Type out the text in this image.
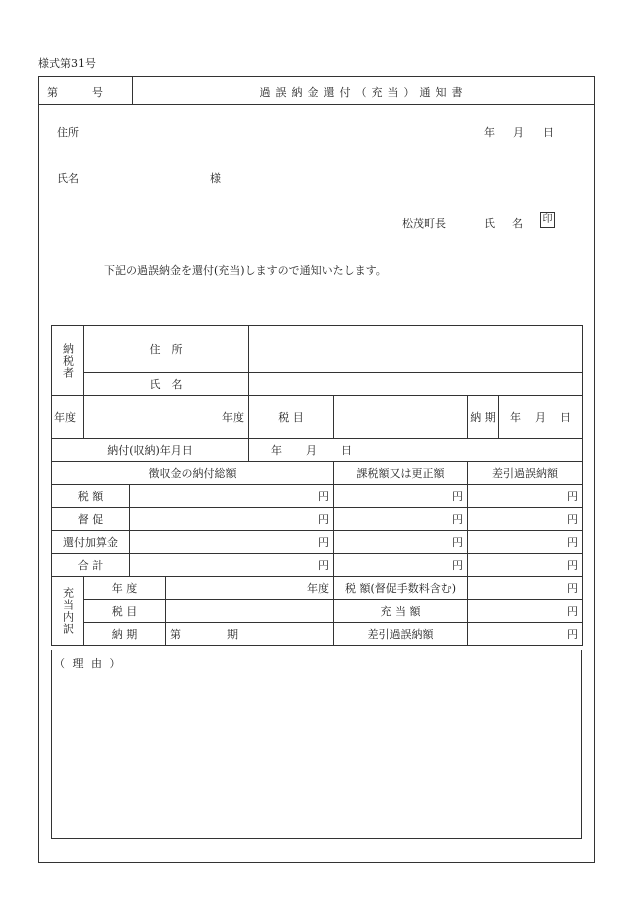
様式第31号
第	号	過誤納金還付（充当）通知書
年 月 日
住所
氏名	様
松茂町長	氏　名 印
下記の過誤納金を還付(充当)しますので通知いたします。
納税者	住　所						
	氏　名						
年度	年度			税 目		納 期	年 月 日
納付(収納)年月日				年 月 日			
徴収金の納付総額					課税額又は更正額	差引過誤納額	
税 額		円			円	円	
督 促		円			円	円	
還付加算金		円			円	円	
合 計		円			円	円	

充当内訳	年 度		年度		税 額(督促手数料含む)	円	
	税 目				充 当 額	円	
	納 期		第 期		差引過誤納額	円	
（ 理 由 ）
